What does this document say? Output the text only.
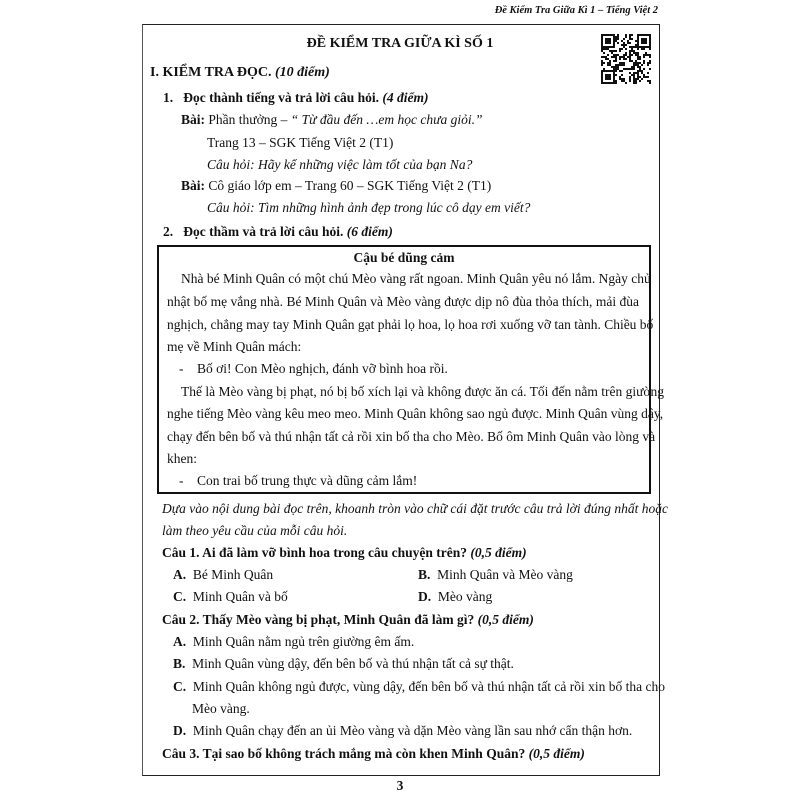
Đề Kiểm Tra Giữa Kì 1 – Tiếng Việt 2
ĐỀ KIỂM TRA GIỮA KÌ SỐ 1
I. KIỂM TRA ĐỌC. (10 điểm)
1. Đọc thành tiếng và trả lời câu hỏi. (4 điểm)
Bài: Phần thưởng – “ Từ đầu đến …em học chưa giỏi.”
Trang 13 – SGK Tiếng Việt 2 (T1)
Câu hỏi: Hãy kể những việc làm tốt của bạn Na?
Bài: Cô giáo lớp em – Trang 60 – SGK Tiếng Việt 2 (T1)
Câu hỏi: Tìm những hình ảnh đẹp trong lúc cô dạy em viết?
2. Đọc thầm và trả lời câu hỏi. (6 điểm)
Cậu bé dũng cảm
Nhà bé Minh Quân có một chú Mèo vàng rất ngoan. Minh Quân yêu nó lắm. Ngày chủ
nhật bố mẹ vắng nhà. Bé Minh Quân và Mèo vàng được dịp nô đùa thỏa thích, mải đùa
nghịch, chẳng may tay Minh Quân gạt phải lọ hoa, lọ hoa rơi xuống vỡ tan tành. Chiều bố
mẹ về Minh Quân mách:
-    Bố ơi! Con Mèo nghịch, đánh vỡ bình hoa rồi.
Thế là Mèo vàng bị phạt, nó bị bố xích lại và không được ăn cá. Tối đến nằm trên giường
nghe tiếng Mèo vàng kêu meo meo. Minh Quân không sao ngủ được. Minh Quân vùng dậy,
chạy đến bên bố và thú nhận tất cả rồi xin bố tha cho Mèo. Bố ôm Minh Quân vào lòng và
khen:
-    Con trai bố trung thực và dũng cảm lắm!
Dựa vào nội dung bài đọc trên, khoanh tròn vào chữ cái đặt trước câu trả lời đúng nhất hoặc
làm theo yêu cầu của mỗi câu hỏi.
Câu 1. Ai đã làm vỡ bình hoa trong câu chuyện trên? (0,5 điểm)
A. Bé Minh Quân	B. Minh Quân và Mèo vàng
C. Minh Quân và bố	D. Mèo vàng
Câu 2. Thấy Mèo vàng bị phạt, Minh Quân đã làm gì? (0,5 điểm)
A. Minh Quân nằm ngủ trên giường êm ấm.
B. Minh Quân vùng dậy, đến bên bố và thú nhận tất cả sự thật.
C. Minh Quân không ngủ được, vùng dậy, đến bên bố và thú nhận tất cả rồi xin bố tha cho
Mèo vàng.
D. Minh Quân chạy đến an ủi Mèo vàng và dặn Mèo vàng lần sau nhớ cẩn thận hơn.
Câu 3. Tại sao bố không trách mắng mà còn khen Minh Quân? (0,5 điểm)
3
